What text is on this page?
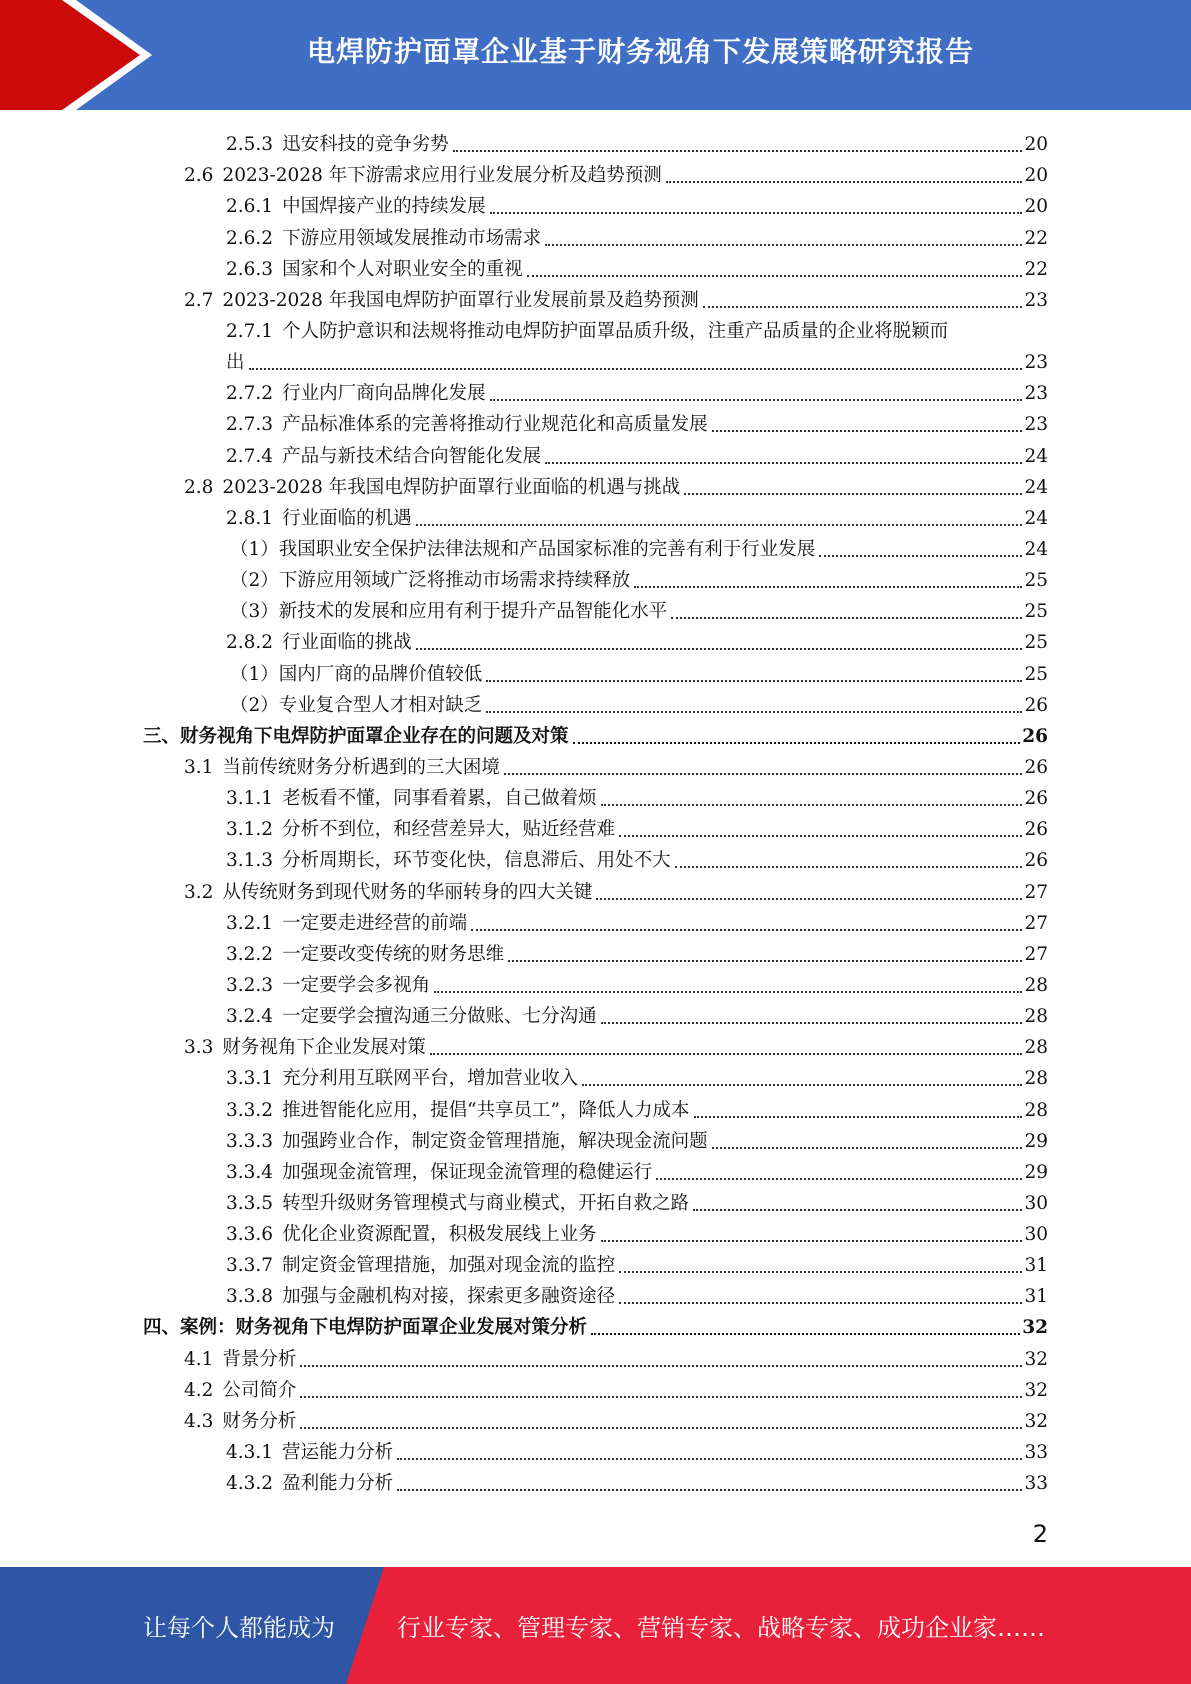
电焊防护面罩企业基于财务视角下发展策略研究报告
2.5.3 迅安科技的竞争劣势	20
2.6 2023-2028 年下游需求应用行业发展分析及趋势预测	20
2.6.1 中国焊接产业的持续发展	20
2.6.2 下游应用领域发展推动市场需求	22
2.6.3 国家和个人对职业安全的重视	22
2.7 2023-2028 年我国电焊防护面罩行业发展前景及趋势预测	23
2.7.1 个人防护意识和法规将推动电焊防护面罩品质升级，注重产品质量的企业将脱颖而
出	23
2.7.2 行业内厂商向品牌化发展	23
2.7.3 产品标准体系的完善将推动行业规范化和高质量发展	23
2.7.4 产品与新技术结合向智能化发展	24
2.8 2023-2028 年我国电焊防护面罩行业面临的机遇与挑战	24
2.8.1 行业面临的机遇	24
（1） 我国职业安全保护法律法规和产品国家标准的完善有利于行业发展	24
（2） 下游应用领域广泛将推动市场需求持续释放	25
（3） 新技术的发展和应用有利于提升产品智能化水平	25
2.8.2 行业面临的挑战	25
（1） 国内厂商的品牌价值较低	25
（2） 专业复合型人才相对缺乏	26
三、财务视角下电焊防护面罩企业存在的问题及对策	26
3.1 当前传统财务分析遇到的三大困境	26
3.1.1 老板看不懂，同事看着累，自己做着烦	26
3.1.2 分析不到位，和经营差异大，贴近经营难	26
3.1.3 分析周期长，环节变化快，信息滞后、用处不大	26
3.2 从传统财务到现代财务的华丽转身的四大关键	27
3.2.1 一定要走进经营的前端	27
3.2.2 一定要改变传统的财务思维	27
3.2.3 一定要学会多视角	28
3.2.4 一定要学会擅沟通三分做账、七分沟通	28
3.3 财务视角下企业发展对策	28
3.3.1 充分利用互联网平台，增加营业收入	28
3.3.2 推进智能化应用，提倡“共享员工”，降低人力成本	28
3.3.3 加强跨业合作，制定资金管理措施，解决现金流问题	29
3.3.4 加强现金流管理，保证现金流管理的稳健运行	29
3.3.5 转型升级财务管理模式与商业模式，开拓自救之路	30
3.3.6 优化企业资源配置，积极发展线上业务	30
3.3.7 制定资金管理措施，加强对现金流的监控	31
3.3.8 加强与金融机构对接，探索更多融资途径	31
四、案例：财务视角下电焊防护面罩企业发展对策分析	32
4.1 背景分析	32
4.2 公司简介	32
4.3 财务分析	32
4.3.1 营运能力分析	33
4.3.2 盈利能力分析	33
2
让每个人都能成为	行业专家、管理专家、营销专家、战略专家、成功企业家……
